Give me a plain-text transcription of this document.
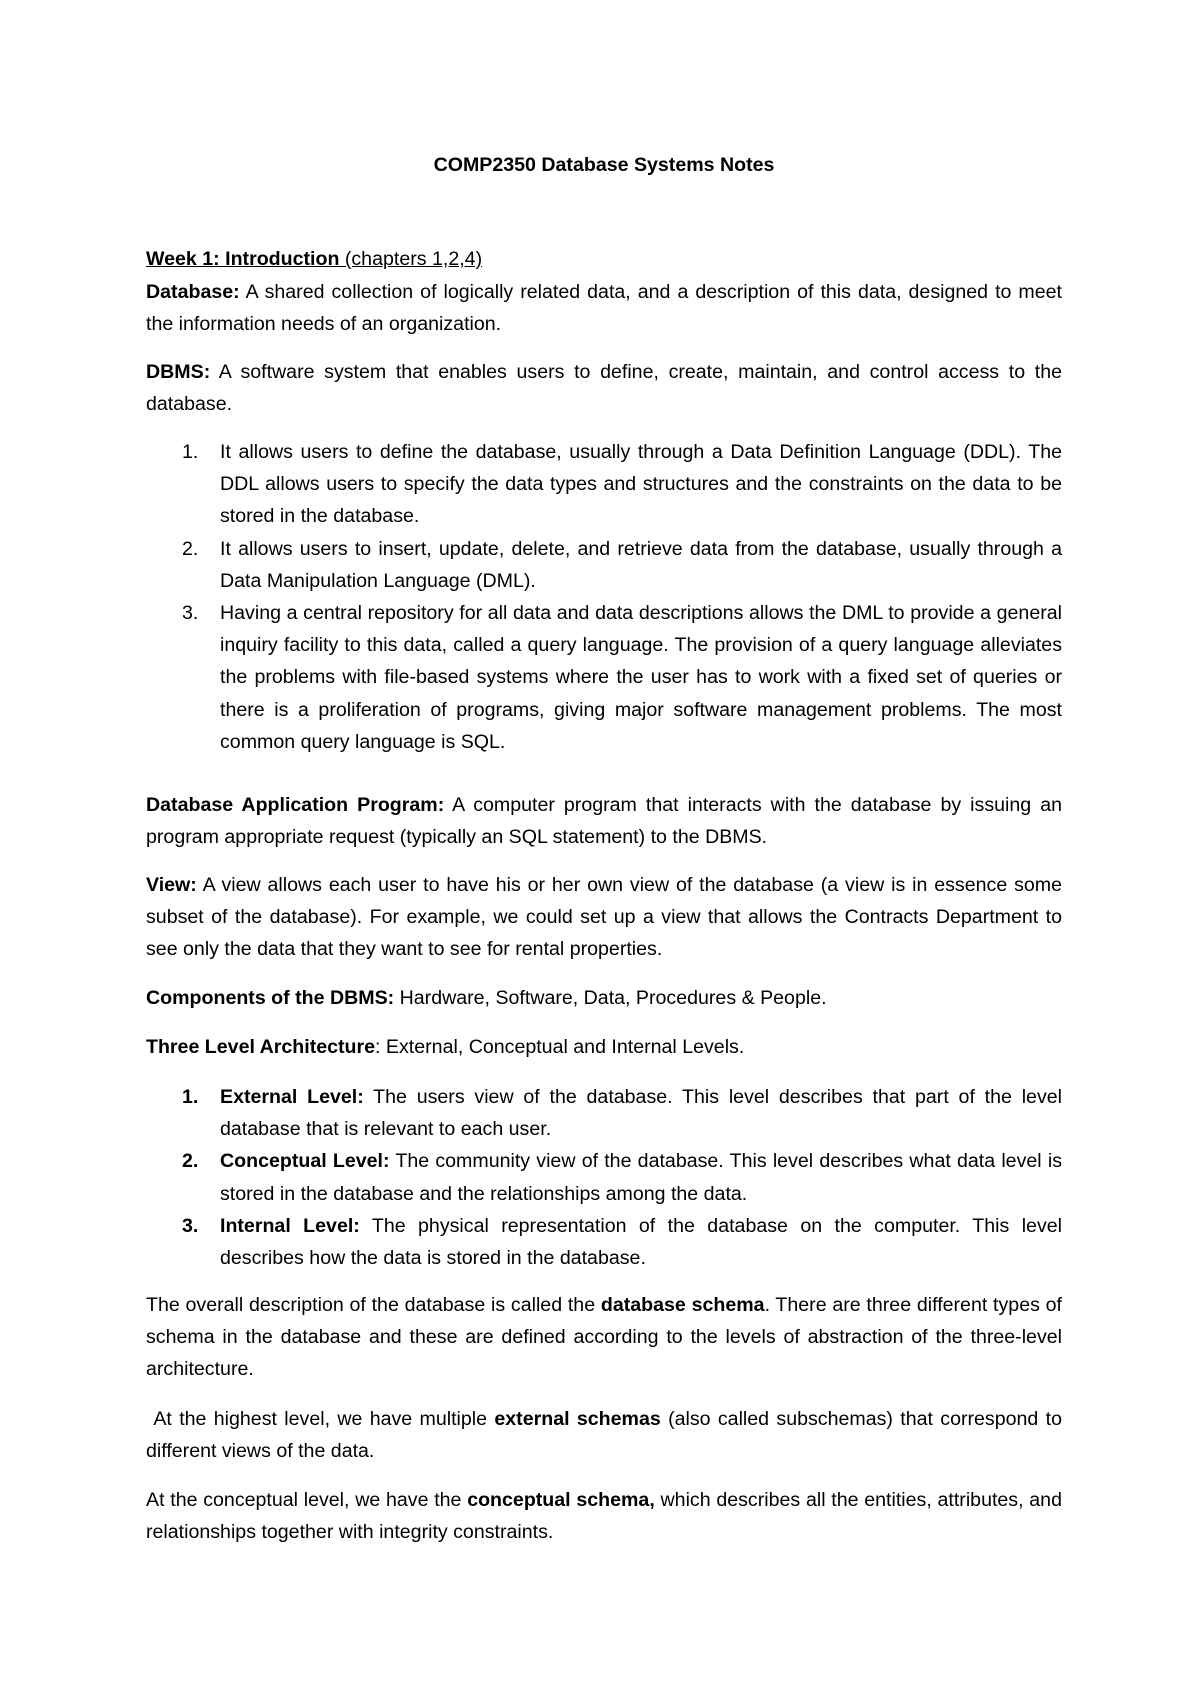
COMP2350 Database Systems Notes
Week 1: Introduction (chapters 1,2,4)
Database: A shared collection of logically related data, and a description of this data, designed to meet the information needs of an organization.
DBMS: A software system that enables users to define, create, maintain, and control access to the database.
1. It allows users to define the database, usually through a Data Definition Language (DDL). The DDL allows users to specify the data types and structures and the constraints on the data to be stored in the database.
2. It allows users to insert, update, delete, and retrieve data from the database, usually through a Data Manipulation Language (DML).
3. Having a central repository for all data and data descriptions allows the DML to provide a general inquiry facility to this data, called a query language. The provision of a query language alleviates the problems with file-based systems where the user has to work with a fixed set of queries or there is a proliferation of programs, giving major software management problems. The most common query language is SQL.
Database Application Program: A computer program that interacts with the database by issuing an program appropriate request (typically an SQL statement) to the DBMS.
View: A view allows each user to have his or her own view of the database (a view is in essence some subset of the database). For example, we could set up a view that allows the Contracts Department to see only the data that they want to see for rental properties.
Components of the DBMS: Hardware, Software, Data, Procedures & People.
Three Level Architecture: External, Conceptual and Internal Levels.
1. External Level: The users view of the database. This level describes that part of the level database that is relevant to each user.
2. Conceptual Level: The community view of the database. This level describes what data level is stored in the database and the relationships among the data.
3. Internal Level: The physical representation of the database on the computer. This level describes how the data is stored in the database.
The overall description of the database is called the database schema. There are three different types of schema in the database and these are defined according to the levels of abstraction of the three-level architecture.
At the highest level, we have multiple external schemas (also called subschemas) that correspond to different views of the data.
At the conceptual level, we have the conceptual schema, which describes all the entities, attributes, and relationships together with integrity constraints.
